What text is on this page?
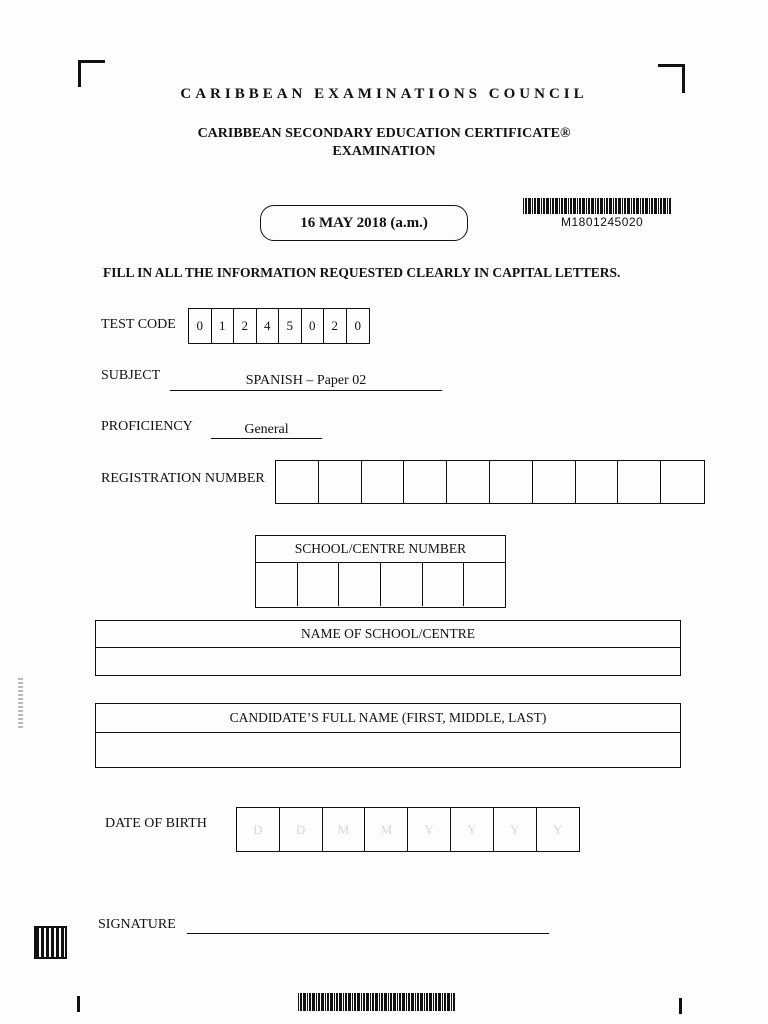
CARIBBEAN EXAMINATIONS COUNCIL
CARIBBEAN SECONDARY EDUCATION CERTIFICATE®
EXAMINATION
16 MAY 2018 (a.m.)	M1801245020
FILL IN ALL THE INFORMATION REQUESTED CLEARLY IN CAPITAL LETTERS.
TEST CODE	0	1	2	4	5	0	2	0
SUBJECT	SPANISH – Paper 02
PROFICIENCY	General
REGISTRATION NUMBER
SCHOOL/CENTRE NUMBER
NAME OF SCHOOL/CENTRE
CANDIDATE’S FULL NAME (FIRST, MIDDLE, LAST)
DATE OF BIRTH	D	D	M	M	Y	Y	Y	Y
SIGNATURE
